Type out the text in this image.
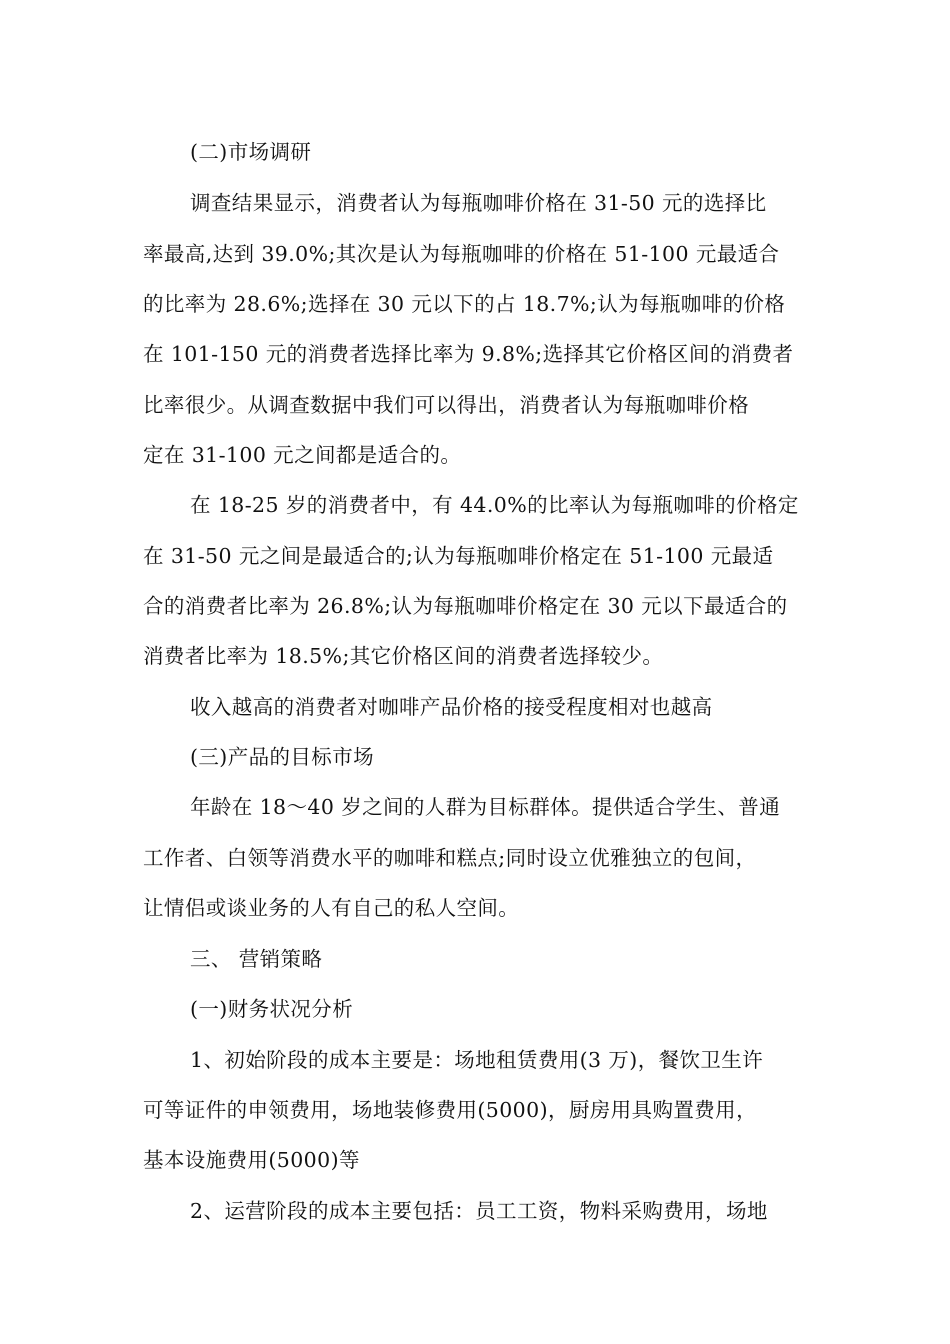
(二)市场调研
调查结果显示，消费者认为每瓶咖啡价格在 31-50 元的选择比
率最高,达到 39.0%;其次是认为每瓶咖啡的价格在 51-100 元最适合
的比率为 28.6%;选择在 30 元以下的占 18.7%;认为每瓶咖啡的价格
在 101-150 元的消费者选择比率为 9.8%;选择其它价格区间的消费者
比率很少。从调查数据中我们可以得出，消费者认为每瓶咖啡价格
定在 31-100 元之间都是适合的。
在 18-25 岁的消费者中，有 44.0%的比率认为每瓶咖啡的价格定
在 31-50 元之间是最适合的;认为每瓶咖啡价格定在 51-100 元最适
合的消费者比率为 26.8%;认为每瓶咖啡价格定在 30 元以下最适合的
消费者比率为 18.5%;其它价格区间的消费者选择较少。
收入越高的消费者对咖啡产品价格的接受程度相对也越高
(三)产品的目标市场
年龄在 18～40 岁之间的人群为目标群体。提供适合学生、普通
工作者、白领等消费水平的咖啡和糕点;同时设立优雅独立的包间，
让情侣或谈业务的人有自己的私人空间。
三、 营销策略
(一)财务状况分析
1、初始阶段的成本主要是：场地租赁费用(3 万)，餐饮卫生许
可等证件的申领费用，场地装修费用(5000)，厨房用具购置费用，
基本设施费用(5000)等
2、运营阶段的成本主要包括：员工工资，物料采购费用，场地
